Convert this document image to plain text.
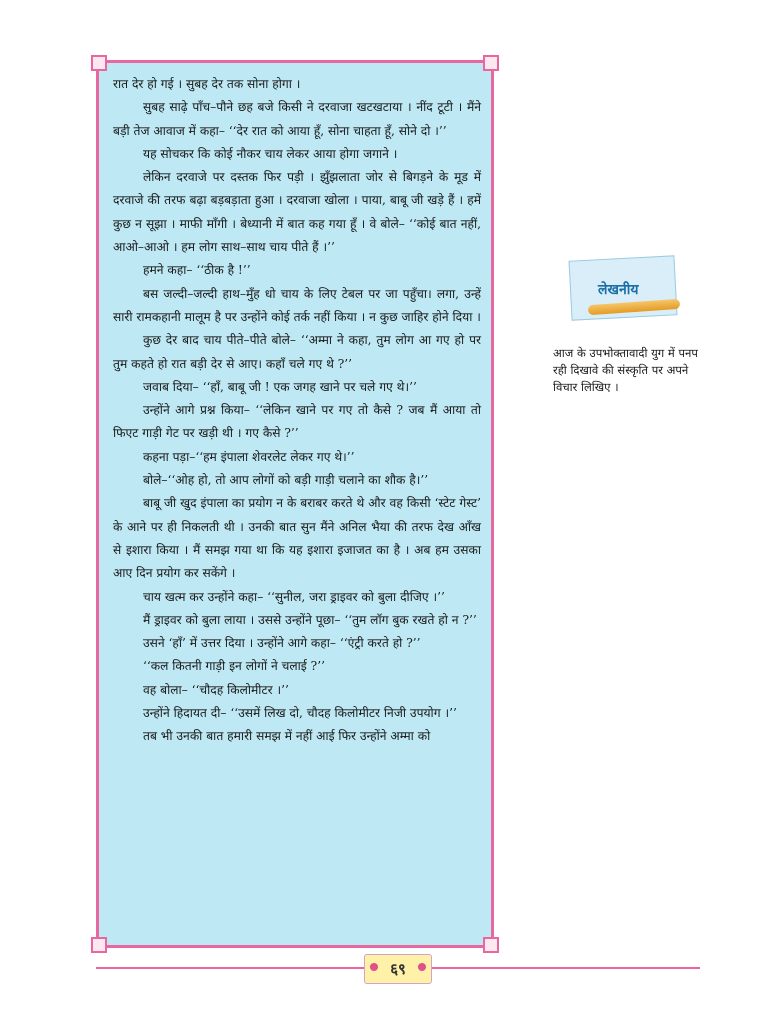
रात देर हो गई । सुबह देर तक सोना होगा ।

सुबह साढ़े पाँच–पौने छह बजे किसी ने दरवाजा खटखटाया । नींद टूटी । मैंने बड़ी तेज आवाज में कहा– ‘‘देर रात को आया हूँ, सोना चाहता हूँ, सोने दो ।’’

यह सोचकर कि कोई नौकर चाय लेकर आया होगा जगाने ।

लेकिन दरवाजे पर दस्तक फिर पड़ी । झुँझलाता जोर से बिगड़ने के मूड में दरवाजे की तरफ बढ़ा बड़बड़ाता हुआ । दरवाजा खोला । पाया, बाबू जी खड़े हैं । हमें कुछ न सूझा । माफी माँगी । बेध्यानी में बात कह गया हूँ । वे बोले– ‘‘कोई बात नहीं, आओ–आओ । हम लोग साथ–साथ चाय पीते हैं ।’’

हमने कहा– ‘‘ठीक है !’’

बस जल्दी–जल्दी हाथ–मुँह धो चाय के लिए टेबल पर जा पहुँचा। लगा, उन्हें सारी रामकहानी मालूम है पर उन्होंने कोई तर्क नहीं किया । न कुछ जाहिर होने दिया ।

कुछ देर बाद चाय पीते–पीते बोले– ‘‘अम्मा ने कहा, तुम लोग आ गए हो पर तुम कहते हो रात बड़ी देर से आए। कहाँ चले गए थे ?’’

जवाब दिया– ‘‘हाँ, बाबू जी ! एक जगह खाने पर चले गए थे।’’

उन्होंने आगे प्रश्न किया– ‘‘लेकिन खाने पर गए तो कैसे ? जब मैं आया तो फिएट गाड़ी गेट पर खड़ी थी । गए कैसे ?’’

कहना पड़ा–‘‘हम इंपाला शेवरलेट लेकर गए थे।’’

बोले–‘‘ओह हो, तो आप लोगों को बड़ी गाड़ी चलाने का शौक है।’’

बाबू जी खुद इंपाला का प्रयोग न के बराबर करते थे और वह किसी ‘स्टेट गेस्ट’ के आने पर ही निकलती थी । उनकी बात सुन मैंने अनिल भैया की तरफ देख आँख से इशारा किया । मैं समझ गया था कि यह इशारा इजाजत का है । अब हम उसका आए दिन प्रयोग कर सकेंगे ।

चाय खत्म कर उन्होंने कहा– ‘‘सुनील, जरा ड्राइवर को बुला दीजिए ।’’

मैं ड्राइवर को बुला लाया । उससे उन्होंने पूछा– ‘‘तुम लॉग बुक रखते हो न ?’’

उसने ‘हाँ’ में उत्तर दिया । उन्होंने आगे कहा– ‘‘एंट्री करते हो ?’’

‘‘कल कितनी गाड़ी इन लोगों ने चलाई ?’’

वह बोला– ‘‘चौदह किलोमीटर ।’’

उन्होंने हिदायत दी– ‘‘उसमें लिख दो, चौदह किलोमीटर निजी उपयोग ।’’

तब भी उनकी बात हमारी समझ में नहीं आई फिर उन्होंने अम्मा को

लेखनीय
आज के उपभोक्तावादी युग में पनप रही दिखावे की संस्कृति पर अपने विचार लिखिए ।
६९
